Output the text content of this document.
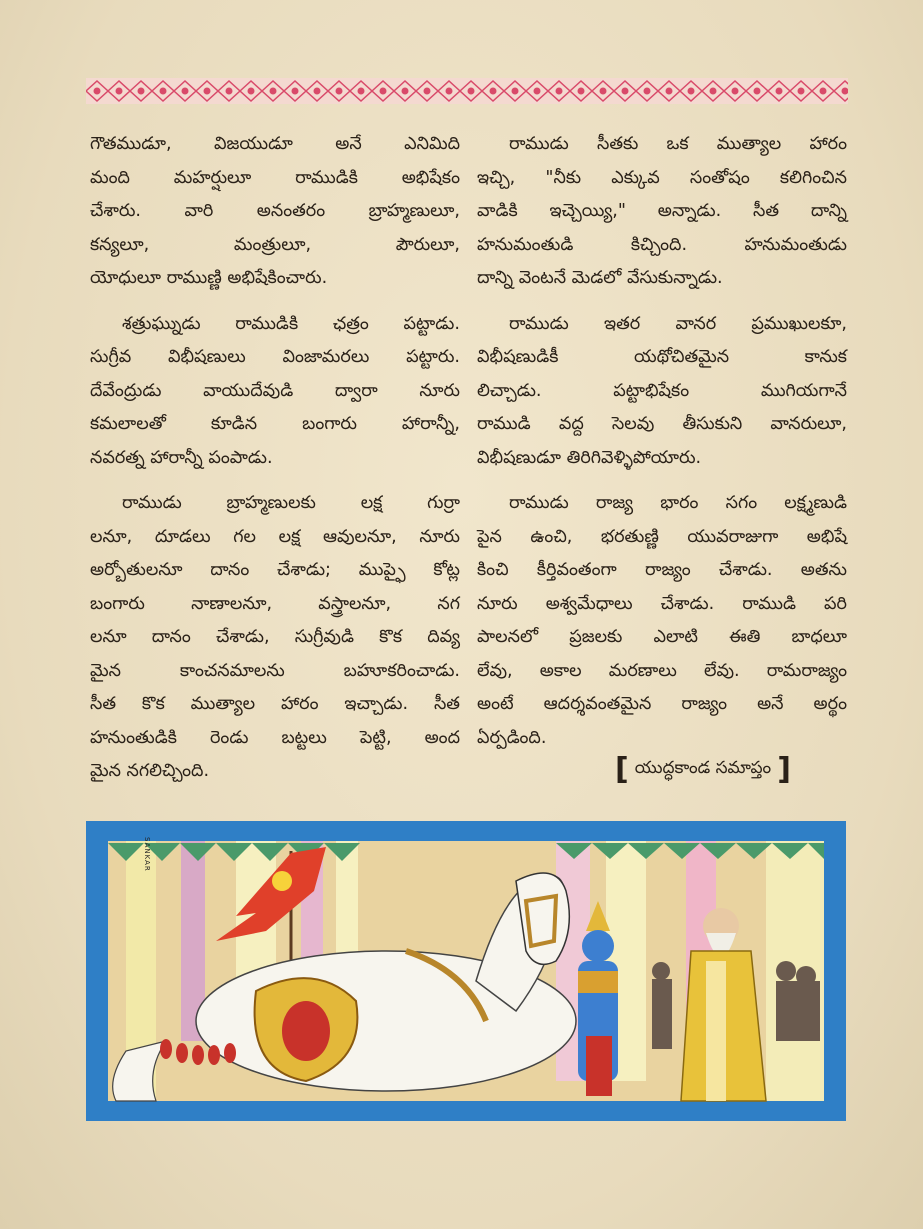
గౌతముడూ, విజయుడూ అనే ఎనిమిది
మంది మహర్షులూ రాముడికి అభిషేకం
చేశారు. వారి అనంతరం బ్రాహ్మణులూ,
కన్యలూ, మంత్రులూ, పౌరులూ,
యోధులూ రాముణ్ణి అభిషేకించారు.

శత్రుఘ్నుడు రాముడికి ఛత్రం పట్టాడు.
సుగ్రీవ విభీషణులు వింజామరలు పట్టారు.
దేవేంద్రుడు వాయుదేవుడి ద్వారా నూరు
కమలాలతో కూడిన బంగారు హారాన్నీ,
నవరత్న హారాన్నీ పంపాడు.

రాముడు బ్రాహ్మణులకు లక్ష గుర్రా
లనూ, దూడలు గల లక్ష ఆవులనూ, నూరు
అర్బోతులనూ దానం చేశాడు; ముప్ఫై కోట్ల
బంగారు నాణాలనూ, వస్త్రాలనూ, నగ
లనూ దానం చేశాడు, సుగ్రీవుడి కొక దివ్య
మైన కాంచనమాలను బహూకరించాడు.
సీత కొక ముత్యాల హారం ఇచ్చాడు. సీత
హనుంతుడికి రెండు బట్టలు పెట్టి, అంద
మైన నగలిచ్చింది.

రాముడు సీతకు ఒక ముత్యాల హారం
ఇచ్చి, "నీకు ఎక్కువ సంతోషం కలిగించిన
వాడికి ఇచ్చెయ్యి," అన్నాడు. సీత దాన్ని
హనుమంతుడి కిచ్చింది. హనుమంతుడు
దాన్ని వెంటనే మెడలో వేసుకున్నాడు.

రాముడు ఇతర వానర ప్రముఖులకూ,
విభీషణుడికీ యథోచితమైన కానుక
లిచ్చాడు. పట్టాభిషేకం ముగియగానే
రాముడి వద్ద సెలవు తీసుకుని వానరులూ,
విభీషణుడూ తిరిగివెళ్ళిపోయారు.

రాముడు రాజ్య భారం సగం లక్ష్మణుడి
పైన ఉంచి, భరతుణ్ణి యువరాజుగా అభిషే
కించి కీర్తివంతంగా రాజ్యం చేశాడు. అతను
నూరు అశ్వమేధాలు చేశాడు. రాముడి పరి
పాలనలో ప్రజలకు ఎలాటి ఈతి బాధలూ
లేవు, అకాల మరణాలు లేవు. రామరాజ్యం
అంటే ఆదర్శవంతమైన రాజ్యం అనే అర్థం
ఏర్పడింది.

[ యుద్ధకాండ సమాప్తం ]
SANKAR
